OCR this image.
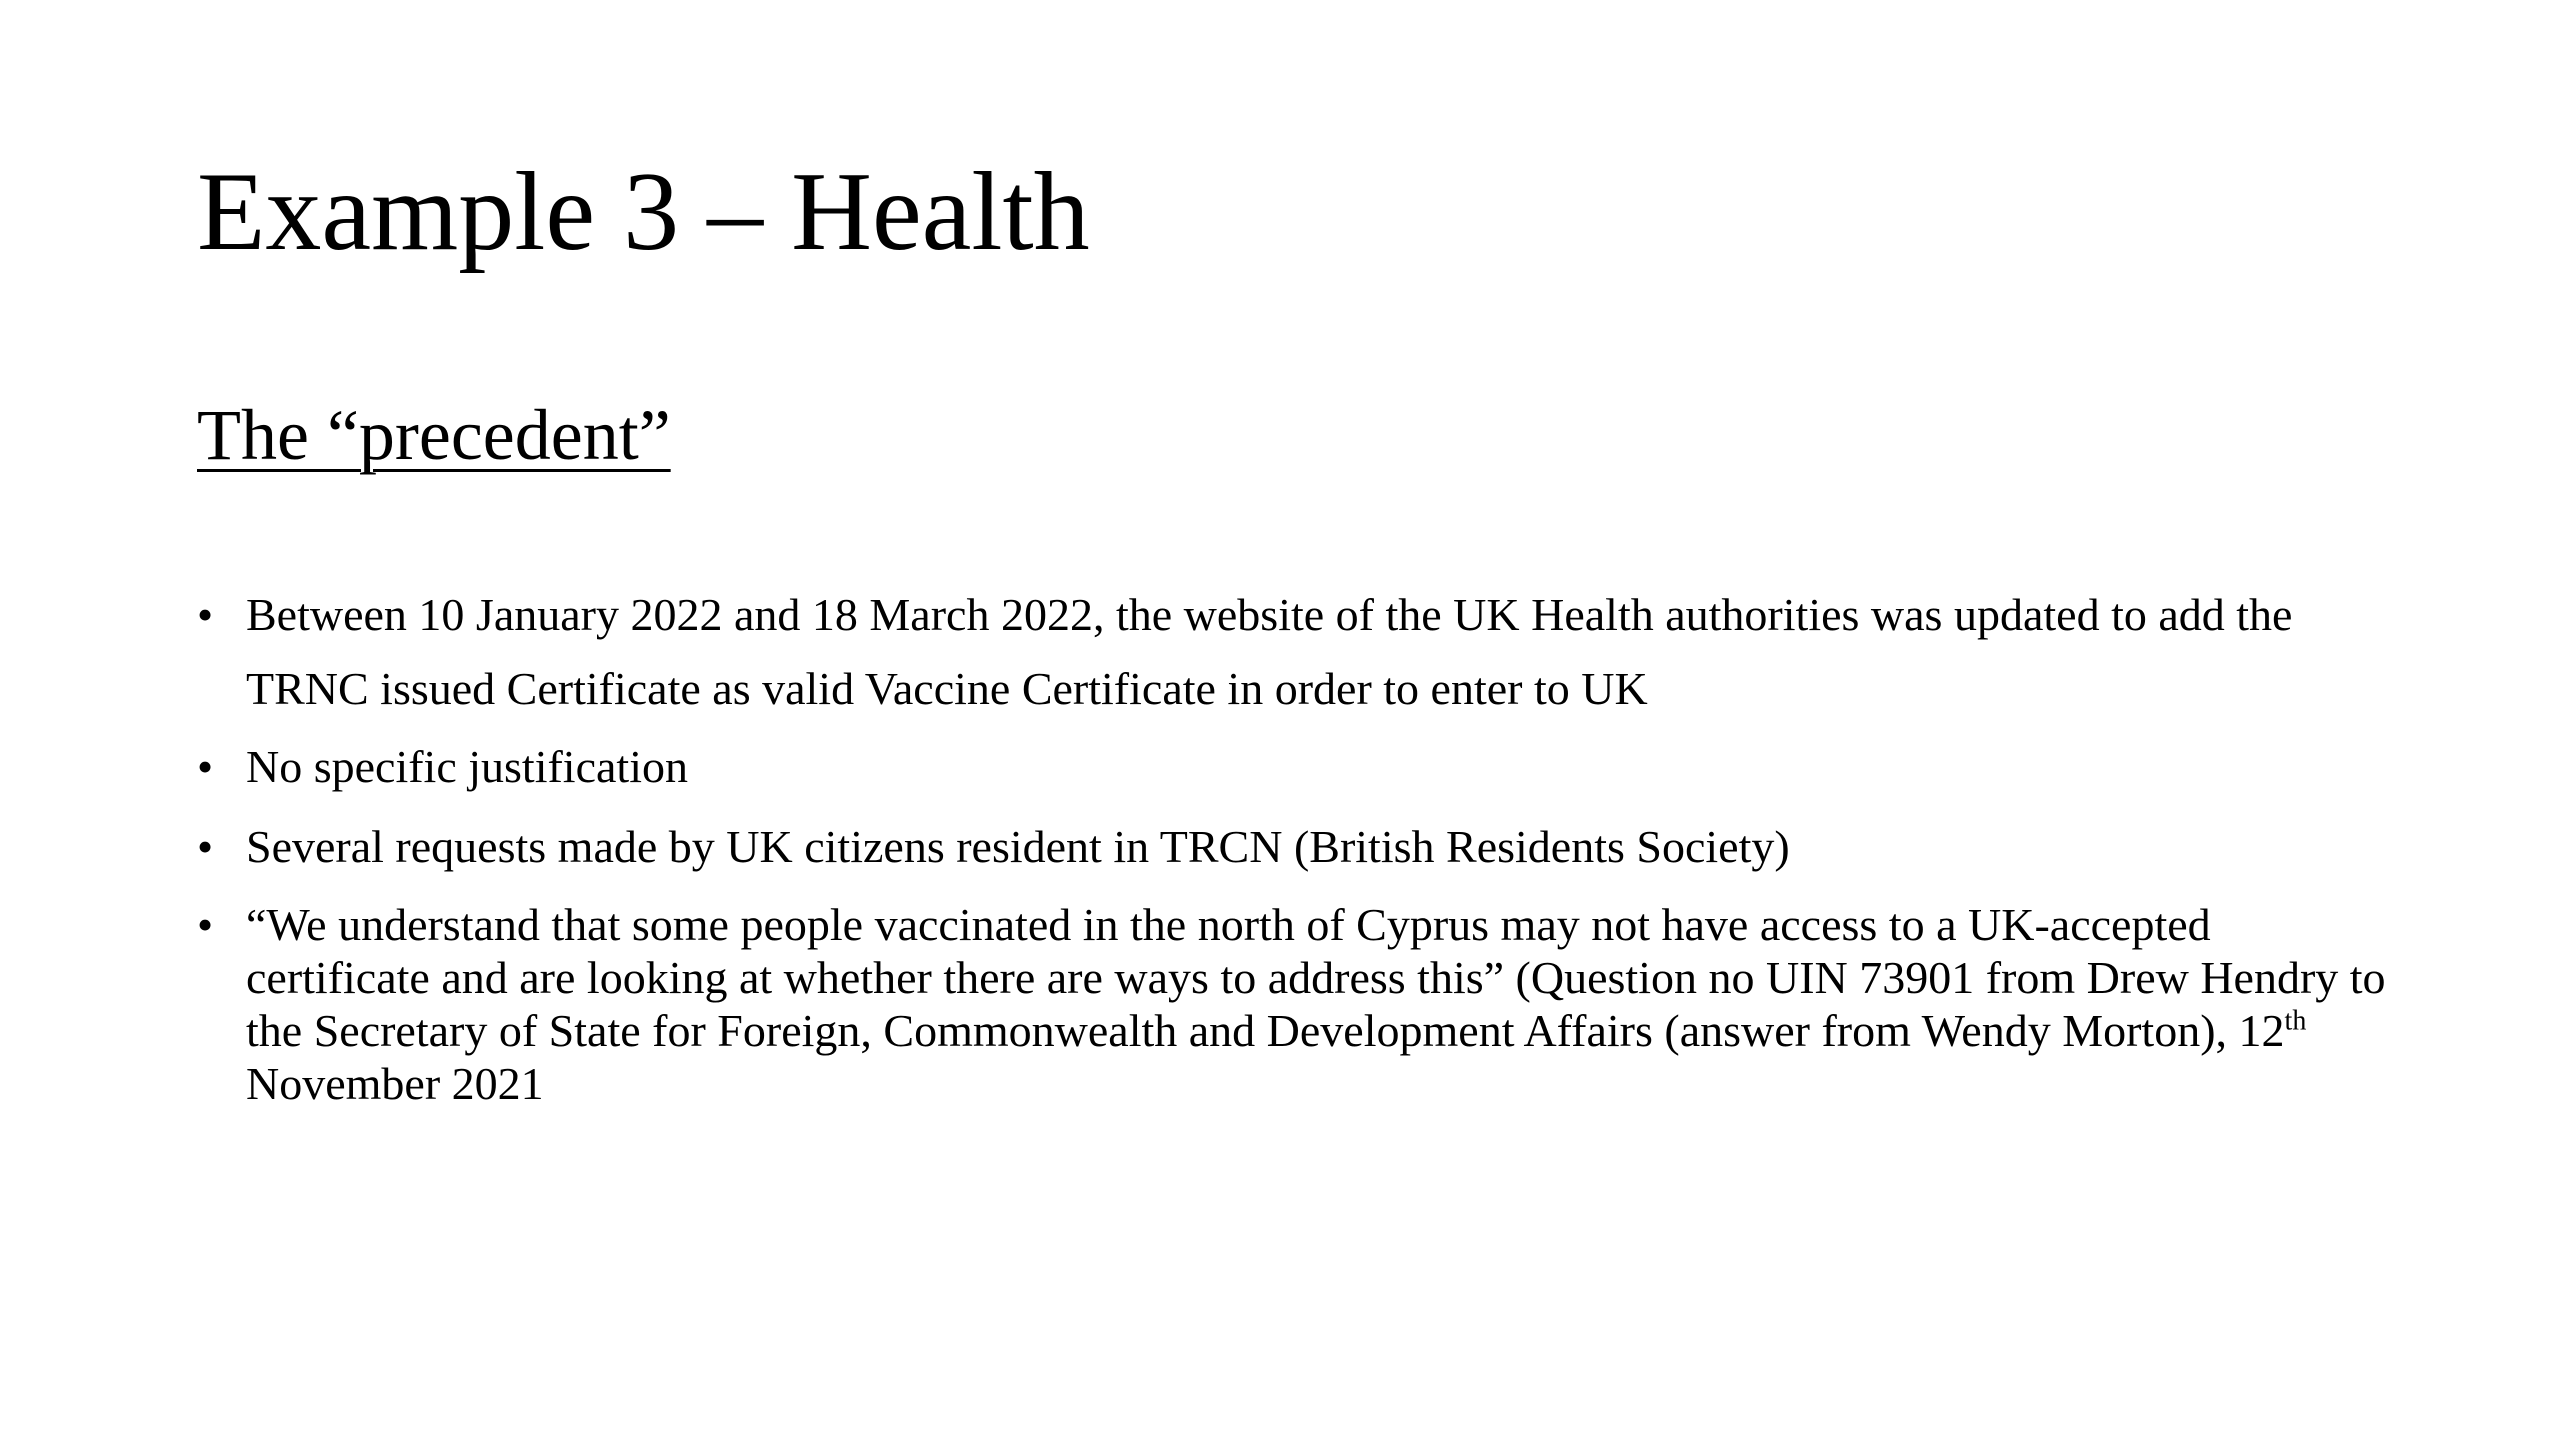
Example 3 – Health
The “precedent”
• Between 10 January 2022 and 18 March 2022, the website of the UK Health authorities was updated to add the TRNC issued Certificate as valid Vaccine Certificate in order to enter to UK
• No specific justification
• Several requests made by UK citizens resident in TRCN (British Residents Society)
• “We understand that some people vaccinated in the north of Cyprus may not have access to a UK-accepted certificate and are looking at whether there are ways to address this” (Question no UIN 73901 from Drew Hendry to the Secretary of State for Foreign, Commonwealth and Development Affairs (answer from Wendy Morton), 12th November 2021
